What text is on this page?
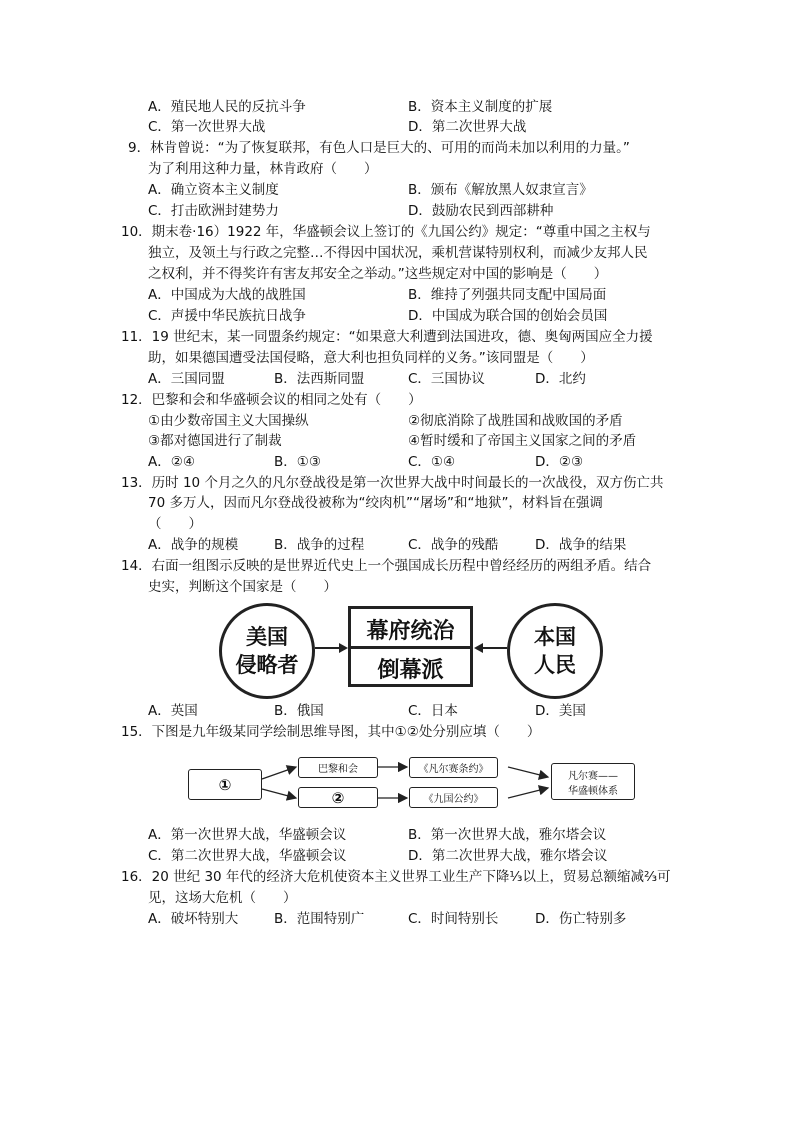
A．殖民地人民的反抗斗争	B．资本主义制度的扩展
C．第一次世界大战	D．第二次世界大战
9．林肯曾说：“为了恢复联邦，有色人口是巨大的、可用的而尚未加以利用的力量。”
为了利用这种力量，林肯政府（　　）
A．确立资本主义制度	B．颁布《解放黑人奴隶宣言》
C．打击欧洲封建势力	D．鼓励农民到西部耕种
10．期末卷·16）1922 年，华盛顿会议上签订的《九国公约》规定：“尊重中国之主权与
独立，及领土与行政之完整…不得因中国状况，乘机营谋特别权利，而减少友邦人民
之权利，并不得奖许有害友邦安全之举动。”这些规定对中国的影响是（　　）
A．中国成为大战的战胜国	B．维持了列强共同支配中国局面
C．声援中华民族抗日战争	D．中国成为联合国的创始会员国
11．19 世纪末，某一同盟条约规定：“如果意大利遭到法国进攻，德、奥匈两国应全力援
助，如果德国遭受法国侵略，意大利也担负同样的义务。”该同盟是（　　）
A．三国同盟	B．法西斯同盟	C．三国协议	D．北约
12．巴黎和会和华盛顿会议的相同之处有（　　）
①由少数帝国主义大国操纵	②彻底消除了战胜国和战败国的矛盾
③都对德国进行了制裁	④暂时缓和了帝国主义国家之间的矛盾
A．②④	B．①③	C．①④	D．②③
13．历时 10 个月之久的凡尔登战役是第一次世界大战中时间最长的一次战役，双方伤亡共
70 多万人，因而凡尔登战役被称为“绞肉机”“屠场”和“地狱”，材料旨在强调
（　　）
A．战争的规模	B．战争的过程	C．战争的残酷	D．战争的结果
14．右面一组图示反映的是世界近代史上一个强国成长历程中曾经经历的两组矛盾。结合
史实，判断这个国家是（　　）
美国
侵略者
幕府统治
倒幕派
本国
人民
A．英国	B．俄国	C．日本	D．美国
15．下图是九年级某同学绘制思维导图，其中①②处分别应填（　　）
①
巴黎和会
②
《凡尔赛条约》
《九国公约》
凡尔赛——
华盛顿体系
A．第一次世界大战，华盛顿会议	B．第一次世界大战，雅尔塔会议
C．第二次世界大战，华盛顿会议	D．第二次世界大战，雅尔塔会议
16．20 世纪 30 年代的经济大危机使资本主义世界工业生产下降⅓以上，贸易总额缩减⅔可
见，这场大危机（　　）
A．破坏特别大	B．范围特别广	C．时间特别长	D．伤亡特别多
